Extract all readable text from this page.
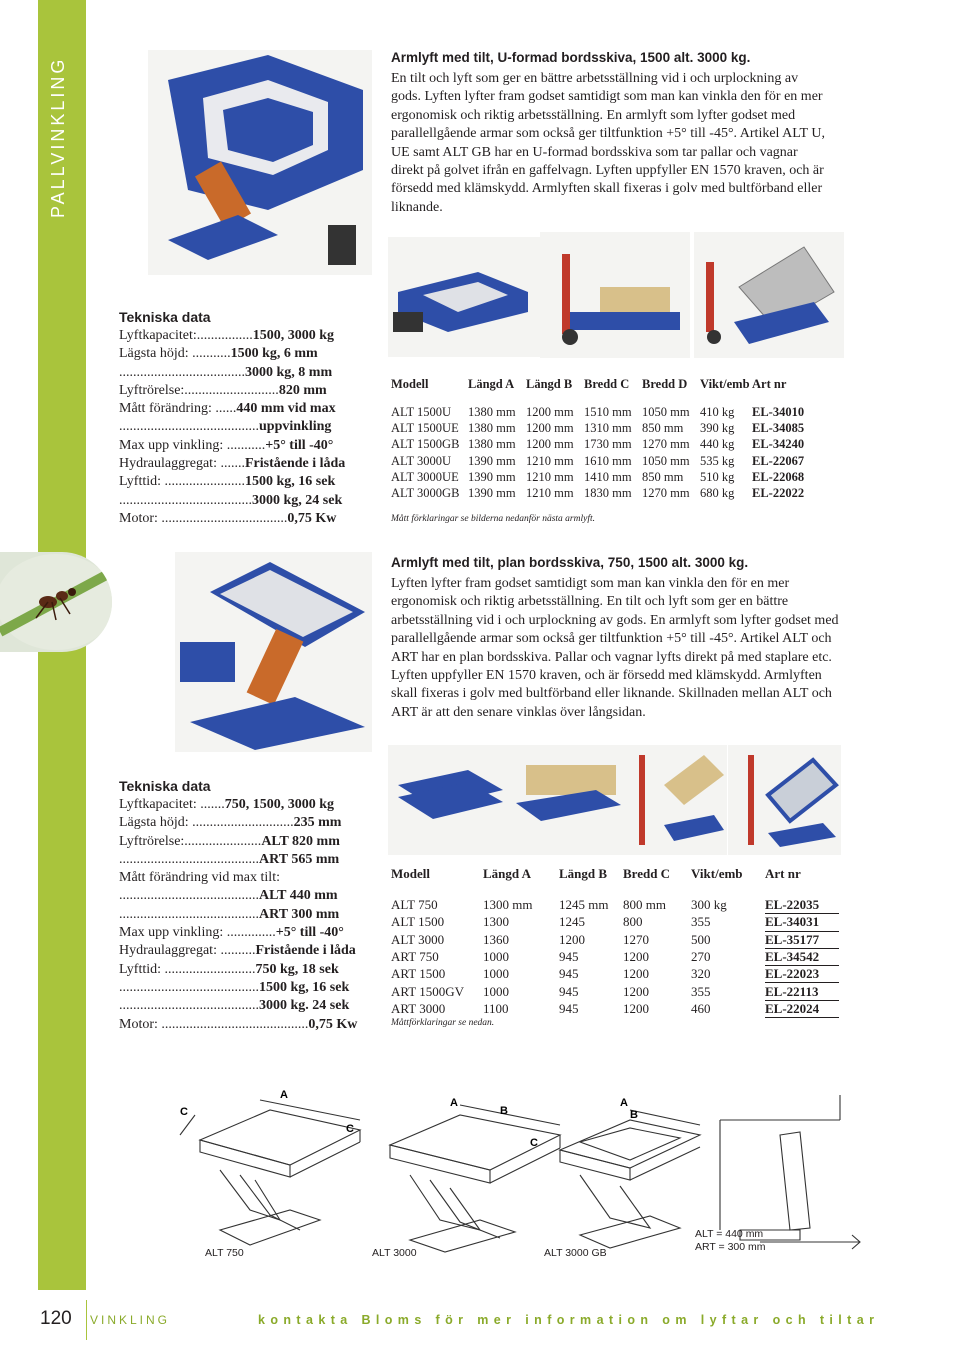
PALLVINKLING	Armlyft med tilt, U-formad bordsskiva, 1500 alt. 3000 kg.

En tilt och lyft som ger en bättre arbetsställning vid i och urplockning av gods. Lyften lyfter fram godset samtidigt som man kan vinkla den för en mer ergonomisk och riktig arbetsställning. En armlyft som lyfter godset med parallellgående armar som också ger tiltfunktion +5° till -45°. Artikel ALT U, UE samt ALT GB har en U-formad bordsskiva som tar pallar och vagnar direkt på golvet ifrån en gaffelvagn. Lyften uppfyller EN 1570 kraven, och är försedd med klämskydd. Armlyften skall fixeras i golv med bultförband eller liknande.

Tekniska data
Lyftkapacitet:................1500, 3000 kg
Lägsta höjd: ...........1500 kg, 6 mm
....................................3000 kg, 8 mm
Lyftrörelse:...........................820 mm
Mått förändring: ......440 mm vid max
........................................uppvinkling
Max upp vinkling: ...........+5° till -40°
Hydraulaggregat: .......Fristående i låda
Lyfttid: .......................1500 kg, 16 sek
......................................3000 kg, 24 sek
Motor: ....................................0,75 Kw
Modell	Längd A	Längd B	Bredd C	Bredd D	Vikt/emb	Art nr

ALT 1500U	1380 mm	1200 mm	1510 mm	1050 mm	410 kg	EL-34010
ALT 1500UE	1380 mm	1200 mm	1310 mm	850 mm	390 kg	EL-34085
ALT 1500GB	1380 mm	1200 mm	1730 mm	1270 mm	440 kg	EL-34240
ALT 3000U	1390 mm	1210 mm	1610 mm	1050 mm	535 kg	EL-22067
ALT 3000UE	1390 mm	1210 mm	1410 mm	850 mm	510 kg	EL-22068
ALT 3000GB	1390 mm	1210 mm	1830 mm	1270 mm	680 kg	EL-22022
Mått förklaringar se bilderna nedanför nästa armlyft.
Armlyft med tilt, plan bordsskiva, 750, 1500 alt. 3000 kg.

Lyften lyfter fram godset samtidigt som man kan vinkla den för en mer ergonomisk och riktig arbetsställning. En tilt och lyft som ger en bättre arbetsställning vid i och urplockning av gods. En armlyft som lyfter godset med parallellgående armar som också ger tiltfunktion +5° till -45°. Artikel ALT och ART har en plan bordsskiva. Pallar och vagnar lyfts direkt på med staplare etc. Lyften uppfyller EN 1570 kraven, och är försedd med klämskydd. Armlyften skall fixeras i golv med bultförband eller liknande. Skillnaden mellan ALT och ART är att den senare vinklas över långsidan.

Tekniska data
Lyftkapacitet: .......750, 1500, 3000 kg
Lägsta höjd: .............................235 mm
Lyftrörelse:......................ALT 820 mm
........................................ART 565 mm
Mått förändring vid max tilt:
........................................ALT 440 mm
........................................ART 300 mm
Max upp vinkling: ..............+5° till -40°
Hydraulaggregat: ..........Fristående i låda
Lyfttid: ..........................750 kg, 18 sek
........................................1500 kg, 16 sek
........................................3000 kg. 24 sek
Motor: ..........................................0,75 Kw
Modell	Längd A	Längd B	Bredd C	Vikt/emb	Art nr

ALT 750	1300 mm	1245 mm	800 mm	300 kg	EL-22035
ALT 1500	1300	1245	800	355	EL-34031
ALT 3000	1360	1200	1270	500	EL-35177
ART 750	1000	945	1200	270	EL-34542
ART 1500	1000	945	1200	320	EL-22023
ART 1500GV	1000	945	1200	355	EL-22113
ART 3000	1100	945	1200	460	EL-22024
Måttförklaringar se nedan.
A
C
A
B
C
A
B
C
ALT 750	ALT 3000	ALT 3000 GB
ALT = 440 mm
ART = 300 mm
120 VINKLING	kontakta Bloms för mer information om lyftar och tiltar
